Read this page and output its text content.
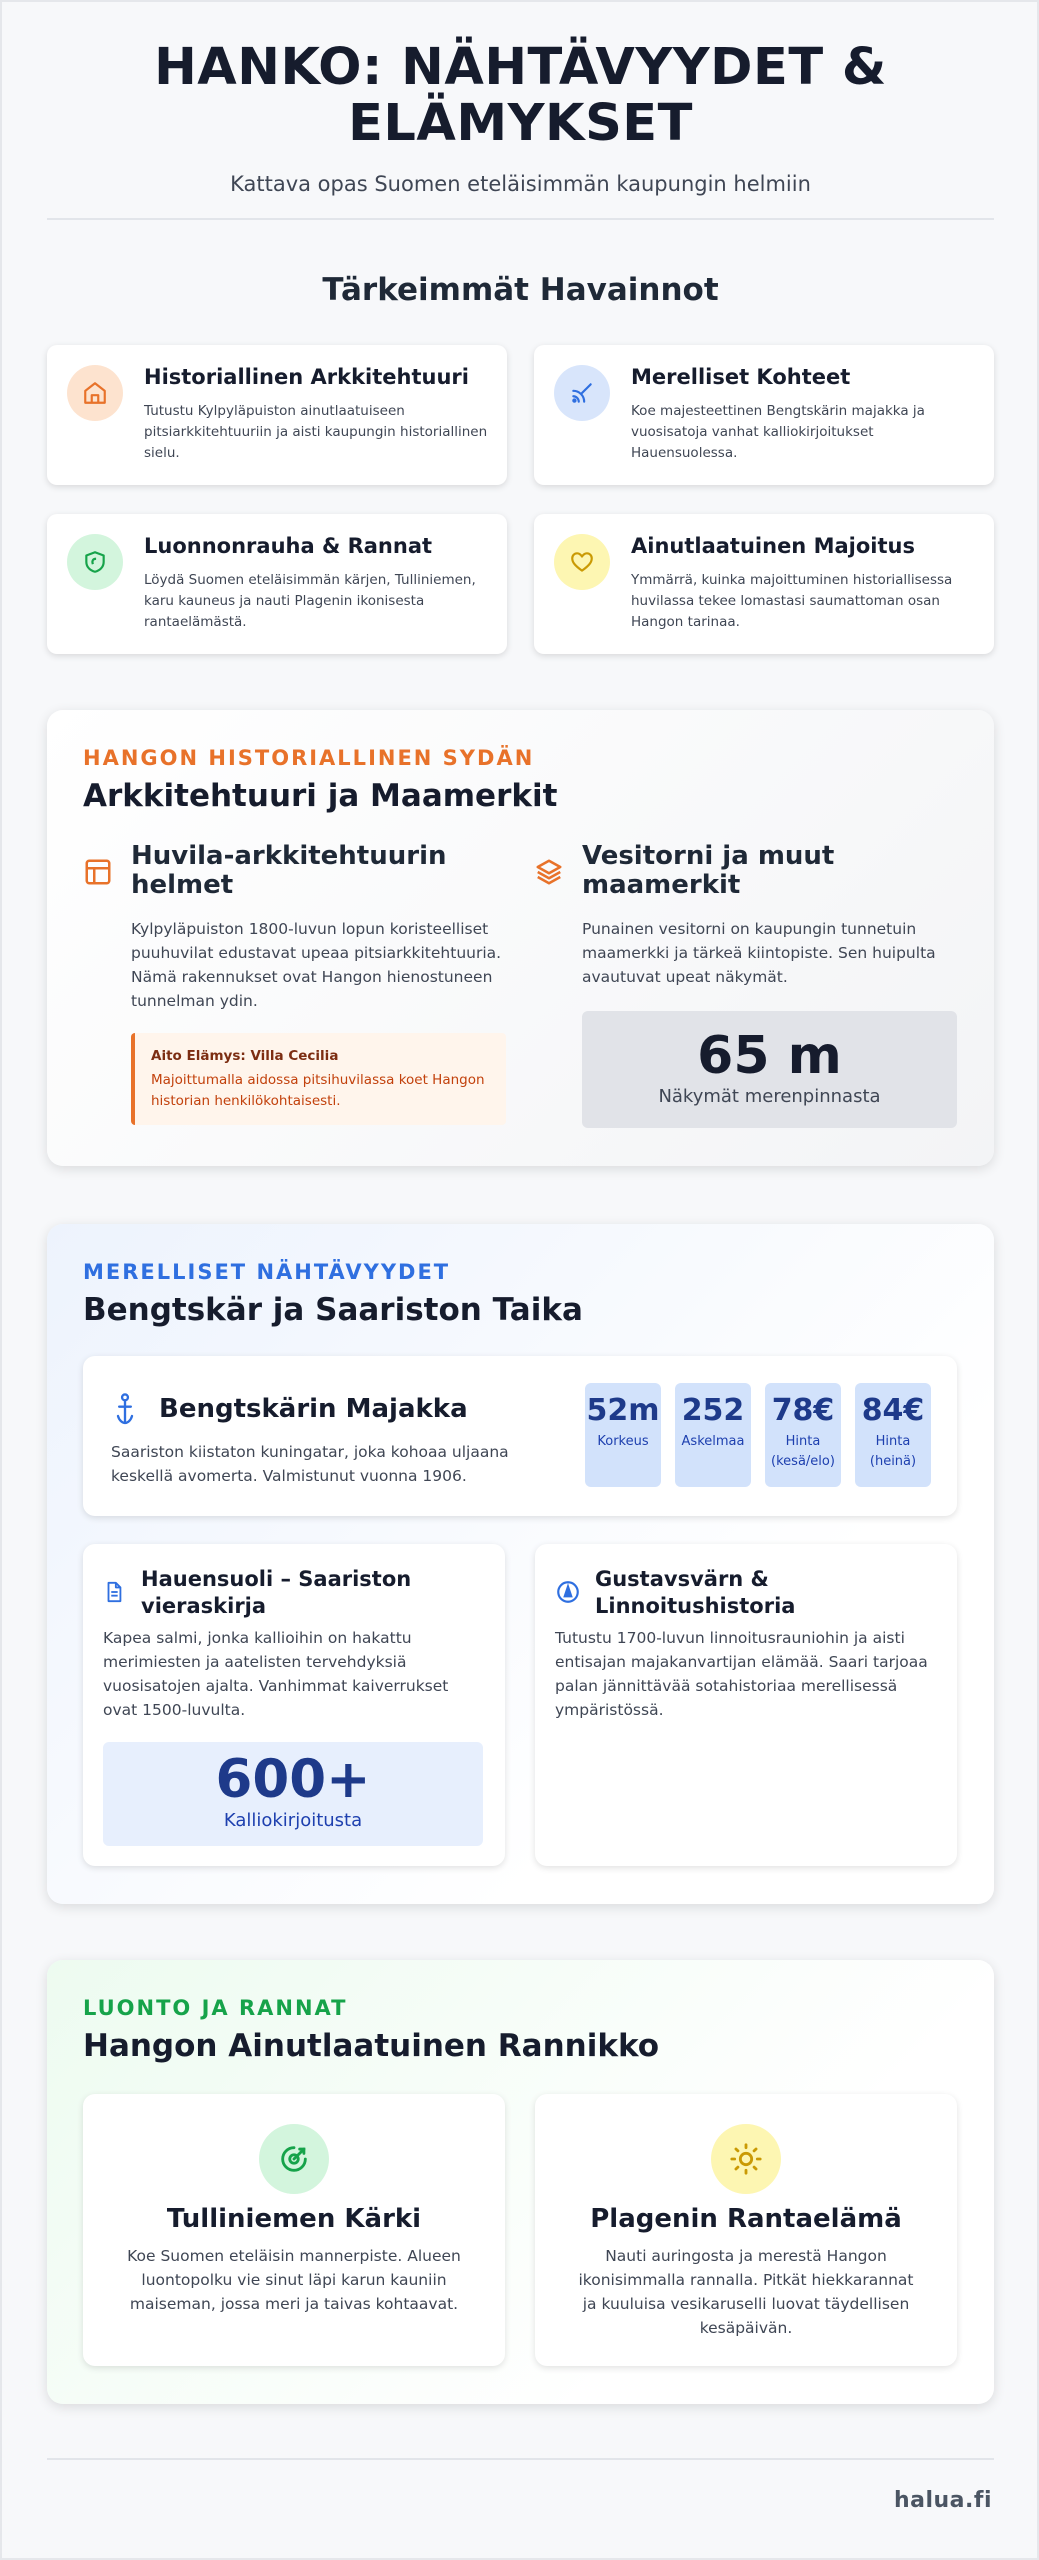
HANKO: NÄHTÄVYYDET & ELÄMYKSET

Kattava opas Suomen eteläisimmän kaupungin helmiin

Tärkeimmät Havainnot
Historiallinen Arkkitehtuuri

Tutustu Kylpyläpuiston ainutlaatuiseen pitsiarkkitehtuuriin ja aisti kaupungin historiallinen sielu.

Merelliset Kohteet

Koe majesteettinen Bengtskärin majakka ja vuosisatoja vanhat kalliokirjoitukset Hauensuolessa.

Luonnonrauha & Rannat

Löydä Suomen eteläisimmän kärjen, Tulliniemen, karu kauneus ja nauti Plagenin ikonisesta rantaelämästä.

Ainutlaatuinen Majoitus

Ymmärrä, kuinka majoittuminen historiallisessa huvilassa tekee lomastasi saumattoman osan Hangon tarinaa.

HANGON HISTORIALLINEN SYDÄN
Arkkitehtuuri ja Maamerkit
Huvila-arkkitehtuurin helmet
Kylpyläpuiston 1800-luvun lopun koristeelliset puuhuvilat edustavat upeaa pitsiarkkitehtuuria. Nämä rakennukset ovat Hangon hienostuneen tunnelman ydin.
Aito Elämys: Villa Cecilia
Majoittumalla aidossa pitsihuvilassa koet Hangon historian henkilökohtaisesti.
Vesitorni ja muut maamerkit
Punainen vesitorni on kaupungin tunnetuin maamerkki ja tärkeä kiintopiste. Sen huipulta avautuvat upeat näkymät.
65 m
Näkymät merenpinnasta
MERELLISET NÄHTÄVYYDET
Bengtskär ja Saariston Taika
Bengtskärin Majakka
Saariston kiistaton kuningatar, joka kohoaa uljaana keskellä avomerta. Valmistunut vuonna 1906.
52m
Korkeus
252
Askelmaa
78€
Hinta (kesä/elo)
84€
Hinta (heinä)
Hauensuoli – Saariston vieraskirja
Kapea salmi, jonka kallioihin on hakattu merimiesten ja aatelisten tervehdyksiä vuosisatojen ajalta. Vanhimmat kaiverrukset ovat 1500-luvulta.
600+
Kalliokirjoitusta
Gustavsvärn & Linnoitushistoria
Tutustu 1700-luvun linnoitusrauniohin ja aisti entisajan majakanvartijan elämää. Saari tarjoaa palan jännittävää sotahistoriaa merellisessä ympäristössä.
LUONTO JA RANNAT
Hangon Ainutlaatuinen Rannikko
Tulliniemen Kärki

Koe Suomen eteläisin mannerpiste. Alueen luontopolku vie sinut läpi karun kauniin maiseman, jossa meri ja taivas kohtaavat.

Plagenin Rantaelämä

Nauti auringosta ja merestä Hangon ikonisimmalla rannalla. Pitkät hiekkarannat ja kuuluisa vesikaruselli luovat täydellisen kesäpäivän.

halua.fi
